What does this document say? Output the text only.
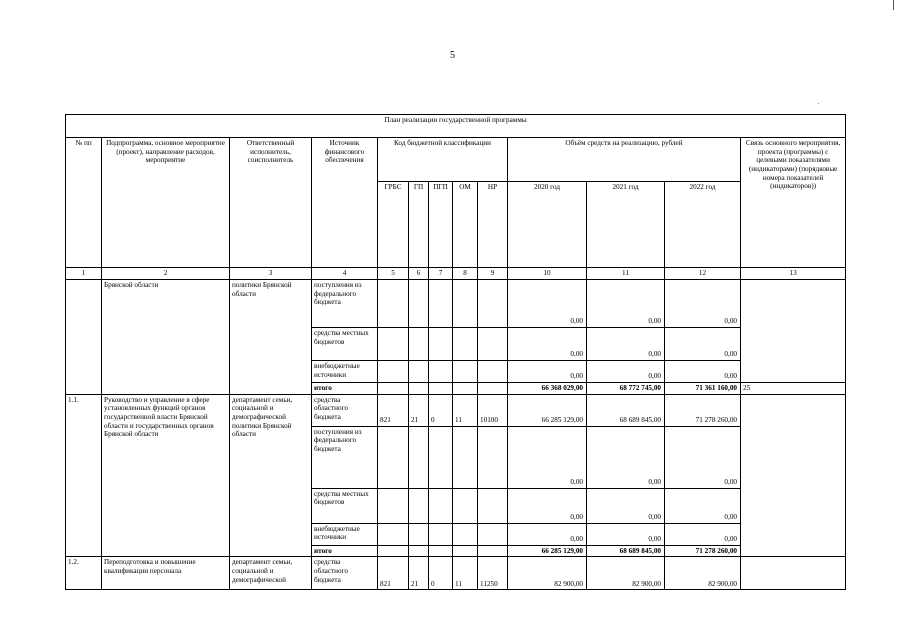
5
План реализации государственной программы												
№ пп	Подпрограмма, основное мероприятие (проект), направление расходов, мероприятие	Ответственный исполнитель, соисполнитель	Источник финансового обеспечения	Код бюджетной классификации					Объём средств на реализацию, рублей			Связь основного мероприятия, проекта (программы) с целевыми показателями (индикаторами) (порядковые номера показателей (индикаторов))
				ГРБС	ГП	ПГП	ОМ	НР	2020 год	2021 год	2022 год	
1	2	3	4	5	6	7	8	9	10	11	12	13
	Брянской области	политики Брянской области	поступления из федерального бюджета						0,00	0,00	0,00	
			средства местных бюджетов						0,00	0,00	0,00	
			внебюджетные источники						0,00	0,00	0,00	
			итого						66 368 029,00	68 772 745,00	71 361 160,00	25
1.1.	Руководство и управление в сфере установленных функций органов государственной власти Брянской области и государственных органов Брянской области	департамент семьи, социальной и демографической политики Брянской области	средства областного бюджета	821	21	0	11	10100	66 285 129,00	68 689 845,00	71 278 260,00	
			поступления из федерального бюджета						0,00	0,00	0,00	
			средства местных бюджетов						0,00	0,00	0,00	
			внебюджетные источники						0,00	0,00	0,00	
			итого						66 285 129,00	68 689 845,00	71 278 260,00	
1.2.	Переподготовка и повышение квалификации персонала	департамент семьи, социальной и демографической	средства областного бюджета	821	21	0	11	11250	82 900,00	82 900,00	82 900,00	
